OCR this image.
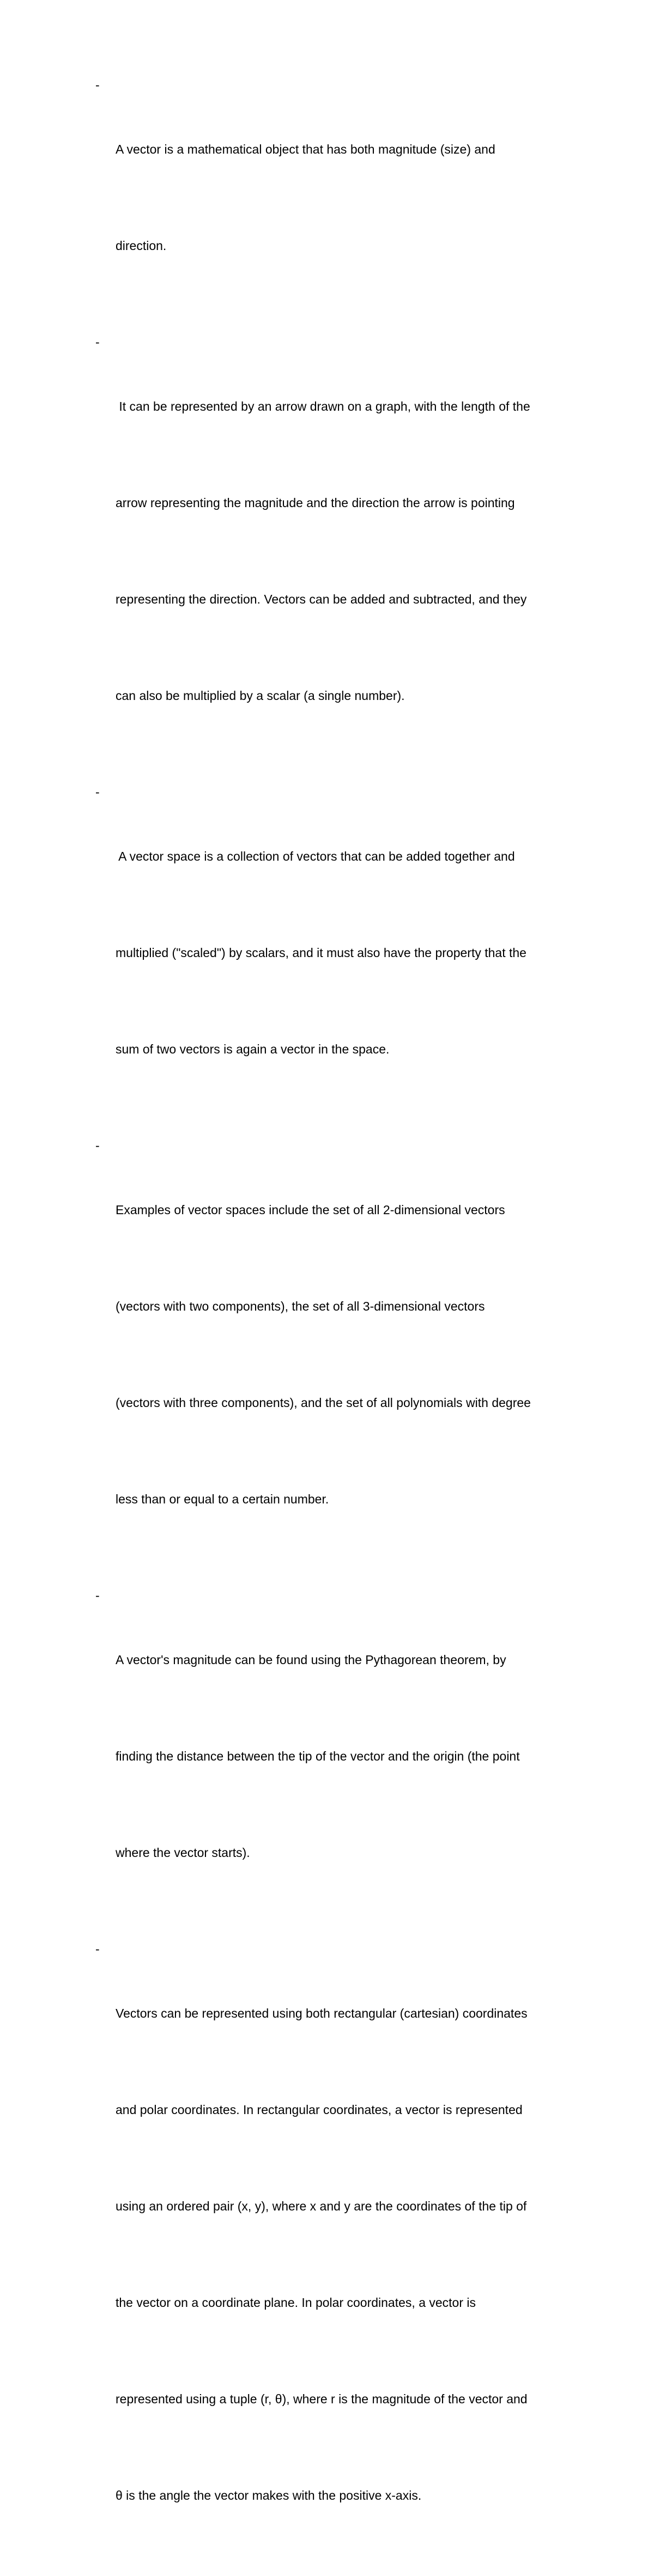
-

A vector is a mathematical object that has both magnitude (size) and

direction.

-

It can be represented by an arrow drawn on a graph, with the length of the

arrow representing the magnitude and the direction the arrow is pointing

representing the direction. Vectors can be added and subtracted, and they

can also be multiplied by a scalar (a single number).

-

A vector space is a collection of vectors that can be added together and

multiplied ("scaled") by scalars, and it must also have the property that the

sum of two vectors is again a vector in the space.

-

Examples of vector spaces include the set of all 2-dimensional vectors

(vectors with two components), the set of all 3-dimensional vectors

(vectors with three components), and the set of all polynomials with degree

less than or equal to a certain number.

-

A vector's magnitude can be found using the Pythagorean theorem, by

finding the distance between the tip of the vector and the origin (the point

where the vector starts).

-

Vectors can be represented using both rectangular (cartesian) coordinates

and polar coordinates. In rectangular coordinates, a vector is represented

using an ordered pair (x, y), where x and y are the coordinates of the tip of

the vector on a coordinate plane. In polar coordinates, a vector is

represented using a tuple (r, θ), where r is the magnitude of the vector and

θ is the angle the vector makes with the positive x-axis.
